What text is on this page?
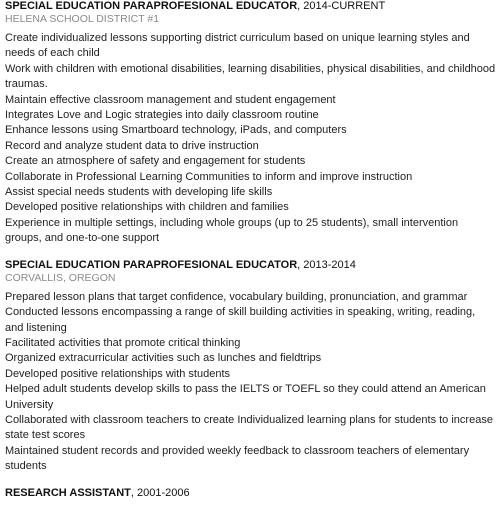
SPECIAL EDUCATION PARAPROFESIONAL EDUCATOR, 2014-CURRENT
HELENA SCHOOL DISTRICT #1
Create individualized lessons supporting district curriculum based on unique learning styles and needs of each child
Work with children with emotional disabilities, learning disabilities, physical disabilities, and childhood traumas.
Maintain effective classroom management and student engagement
Integrates Love and Logic strategies into daily classroom routine
Enhance lessons using Smartboard technology, iPads, and computers
Record and analyze student data to drive instruction
Create an atmosphere of safety and engagement for students
Collaborate in Professional Learning Communities to inform and improve instruction
Assist special needs students with developing life skills
Developed positive relationships with children and families
Experience in multiple settings, including whole groups (up to 25 students), small intervention groups, and one-to-one support
SPECIAL EDUCATION PARAPROFESIONAL EDUCATOR, 2013-2014
CORVALLIS, OREGON
Prepared lesson plans that target confidence, vocabulary building, pronunciation, and grammar
Conducted lessons encompassing a range of skill building activities in speaking, writing, reading, and listening
Facilitated activities that promote critical thinking
Organized extracurricular activities such as lunches and fieldtrips
Developed positive relationships with students
Helped adult students develop skills to pass the IELTS or TOEFL so they could attend an American University
Collaborated with classroom teachers to create Individualized learning plans for students to increase state test scores
Maintained student records and provided weekly feedback to classroom teachers of elementary students
RESEARCH ASSISTANT, 2001-2006
